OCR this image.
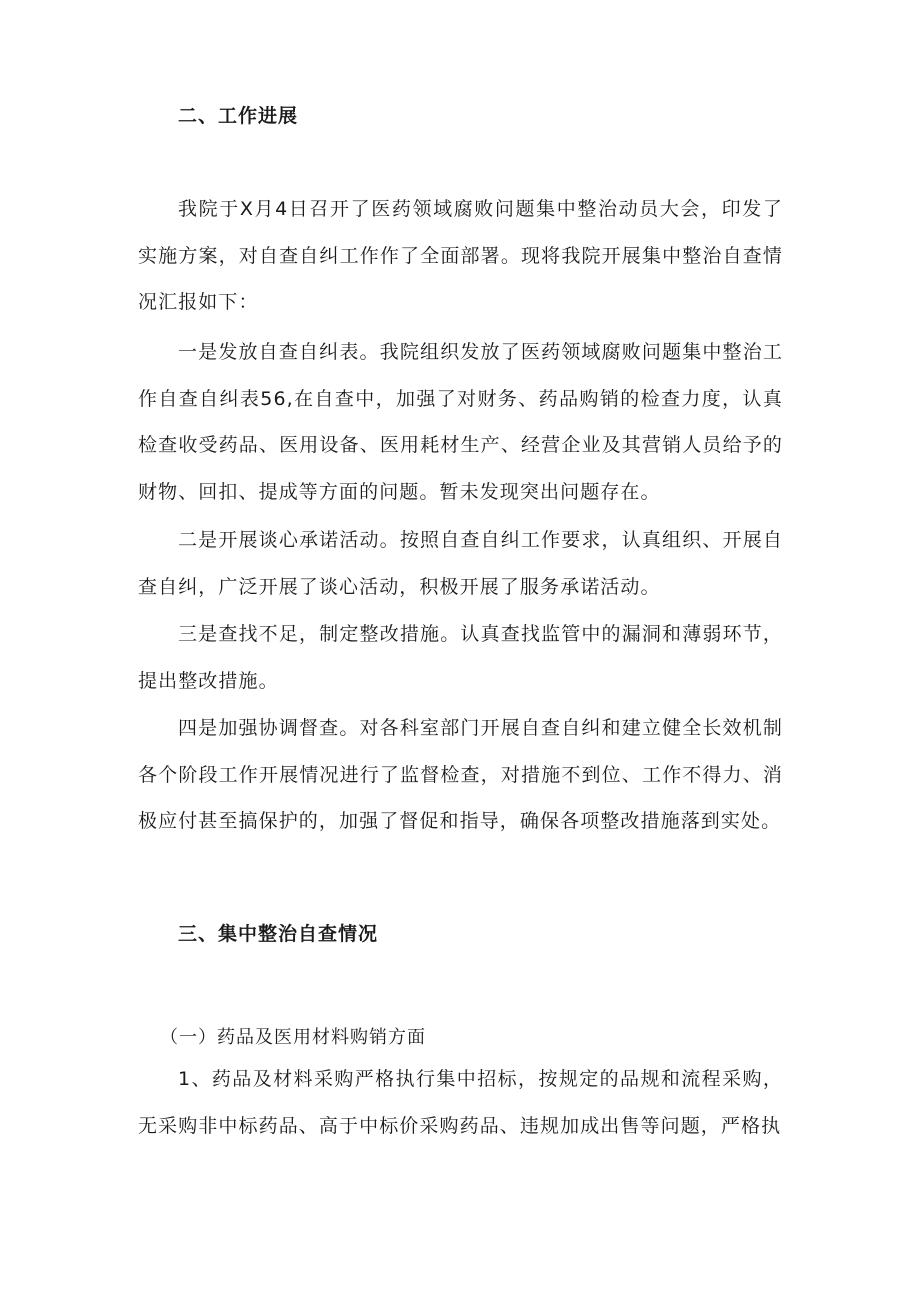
二、工作进展

我院于X月4日召开了医药领域腐败问题集中整治动员大会，印发了实施方案，对自查自纠工作作了全面部署。现将我院开展集中整治自查情况汇报如下：

一是发放自查自纠表。我院组织发放了医药领域腐败问题集中整治工作自查自纠表56,在自查中，加强了对财务、药品购销的检查力度，认真检查收受药品、医用设备、医用耗材生产、经营企业及其营销人员给予的财物、回扣、提成等方面的问题。暂未发现突出问题存在。

二是开展谈心承诺活动。按照自查自纠工作要求，认真组织、开展自查自纠，广泛开展了谈心活动，积极开展了服务承诺活动。

三是查找不足，制定整改措施。认真查找监管中的漏洞和薄弱环节，提出整改措施。

四是加强协调督查。对各科室部门开展自查自纠和建立健全长效机制各个阶段工作开展情况进行了监督检查，对措施不到位、工作不得力、消极应付甚至搞保护的，加强了督促和指导，确保各项整改措施落到实处。

三、集中整治自查情况
（一）药品及医用材料购销方面

1、药品及材料采购严格执行集中招标，按规定的品规和流程采购，无采购非中标药品、高于中标价采购药品、违规加成出售等问题，严格执
